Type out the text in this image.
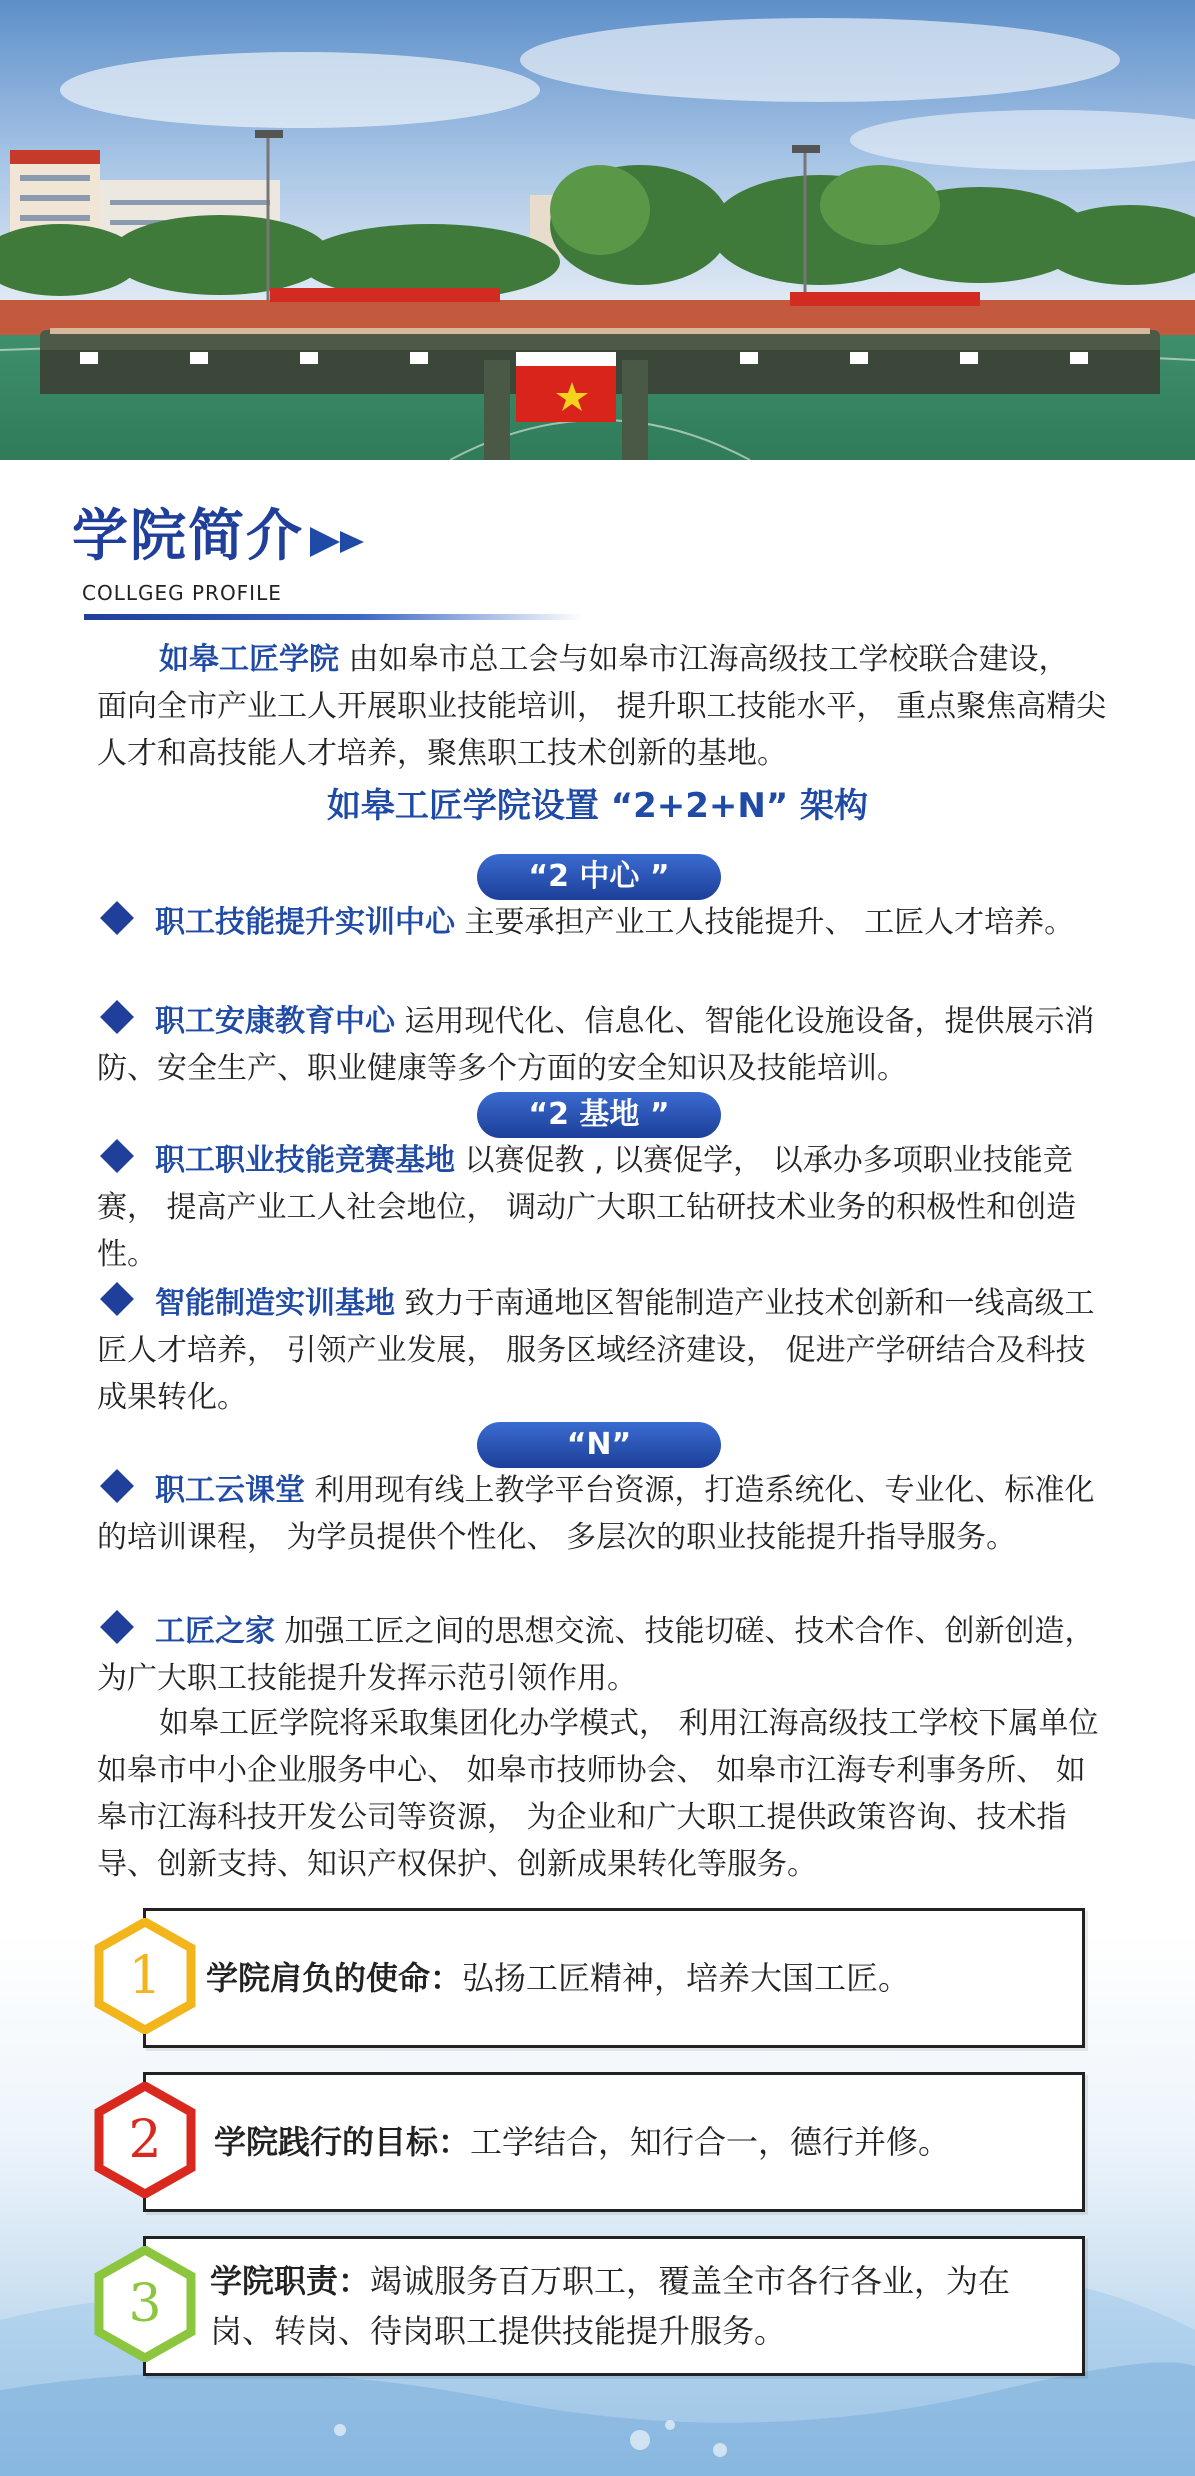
学院简介
COLLGEG PROFILE

如皋工匠学院 由如皋市总工会与如皋市江海高级技工学校联合建设， 面向全市产业工人开展职业技能培训， 提升职工技能水平， 重点聚焦高精尖人才和高技能人才培养，聚焦职工技术创新的基地。

如皋工匠学院设置 “2+2+N” 架构
“2 中心 ”

职工技能提升实训中心 主要承担产业工人技能提升、 工匠人才培养。

职工安康教育中心 运用现代化、信息化、智能化设施设备，提供展示消防、安全生产、职业健康等多个方面的安全知识及技能培训。

“2 基地 ”

职工职业技能竞赛基地 以赛促教 , 以赛促学， 以承办多项职业技能竞赛， 提高产业工人社会地位， 调动广大职工钻研技术业务的积极性和创造性。

智能制造实训基地 致力于南通地区智能制造产业技术创新和一线高级工匠人才培养， 引领产业发展， 服务区域经济建设， 促进产学研结合及科技成果转化。

“N”

职工云课堂 利用现有线上教学平台资源，打造系统化、专业化、标准化的培训课程， 为学员提供个性化、 多层次的职业技能提升指导服务。

工匠之家 加强工匠之间的思想交流、技能切磋、技术合作、创新创造，为广大职工技能提升发挥示范引领作用。

如皋工匠学院将采取集团化办学模式， 利用江海高级技工学校下属单位如皋市中小企业服务中心、 如皋市技师协会、 如皋市江海专利事务所、 如皋市江海科技开发公司等资源， 为企业和广大职工提供政策咨询、技术指导、创新支持、知识产权保护、创新成果转化等服务。

学院肩负的使命：弘扬工匠精神，培养大国工匠。
1
学院践行的目标：工学结合，知行合一，德行并修。
2
学院职责：竭诚服务百万职工，覆盖全市各行各业，为在岗、转岗、待岗职工提供技能提升服务。
3
